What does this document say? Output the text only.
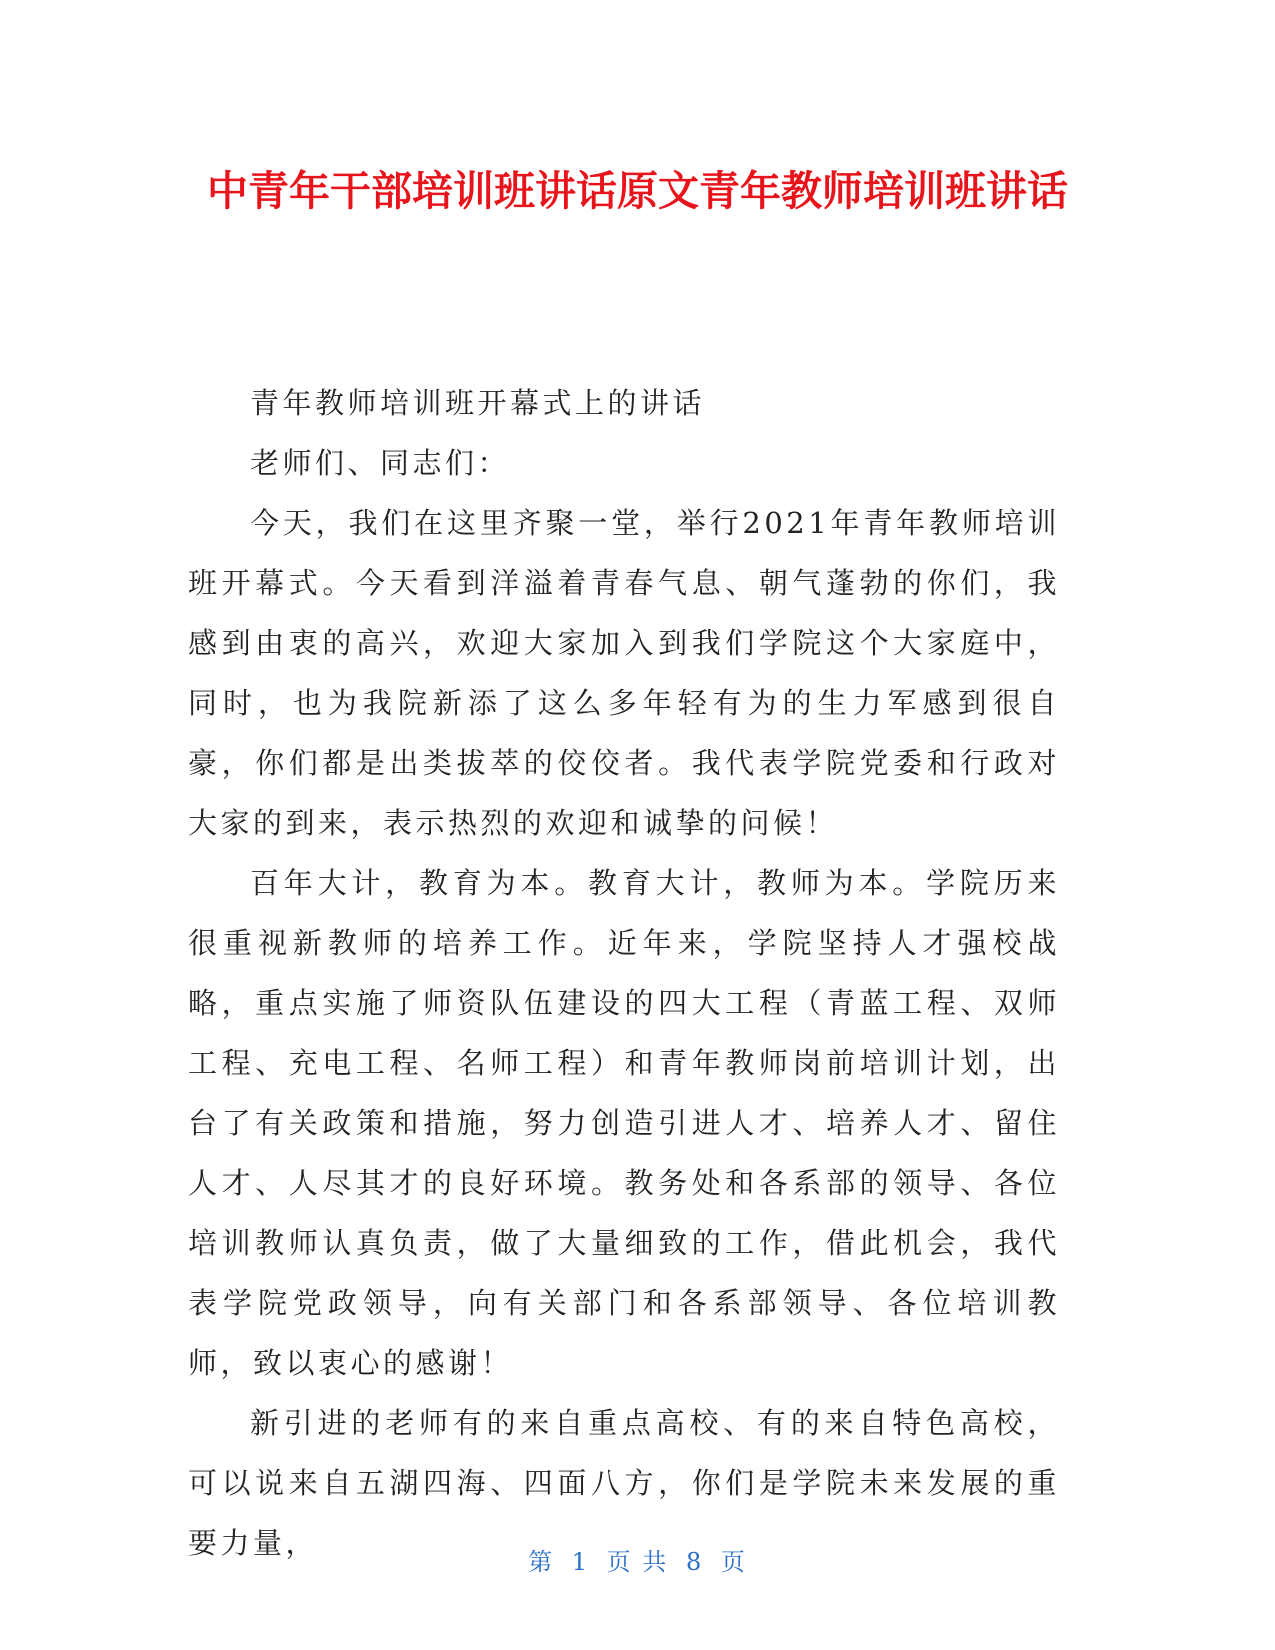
中青年干部培训班讲话原文青年教师培训班讲话

青年教师培训班开幕式上的讲话

老师们、同志们：

今天，我们在这里齐聚一堂，举行2021年青年教师培训班开幕式。今天看到洋溢着青春气息、朝气蓬勃的你们，我感到由衷的高兴，欢迎大家加入到我们学院这个大家庭中，同时，也为我院新添了这么多年轻有为的生力军感到很自豪，你们都是出类拔萃的佼佼者。我代表学院党委和行政对大家的到来，表示热烈的欢迎和诚挚的问候！

百年大计，教育为本。教育大计，教师为本。学院历来很重视新教师的培养工作。近年来，学院坚持人才强校战略，重点实施了师资队伍建设的四大工程（青蓝工程、双师工程、充电工程、名师工程）和青年教师岗前培训计划，出台了有关政策和措施，努力创造引进人才、培养人才、留住人才、人尽其才的良好环境。教务处和各系部的领导、各位培训教师认真负责，做了大量细致的工作，借此机会，我代表学院党政领导，向有关部门和各系部领导、各位培训教师，致以衷心的感谢！

新引进的老师有的来自重点高校、有的来自特色高校，可以说来自五湖四海、四面八方，你们是学院未来发展的重要力量，

第 1 页 共 8 页
